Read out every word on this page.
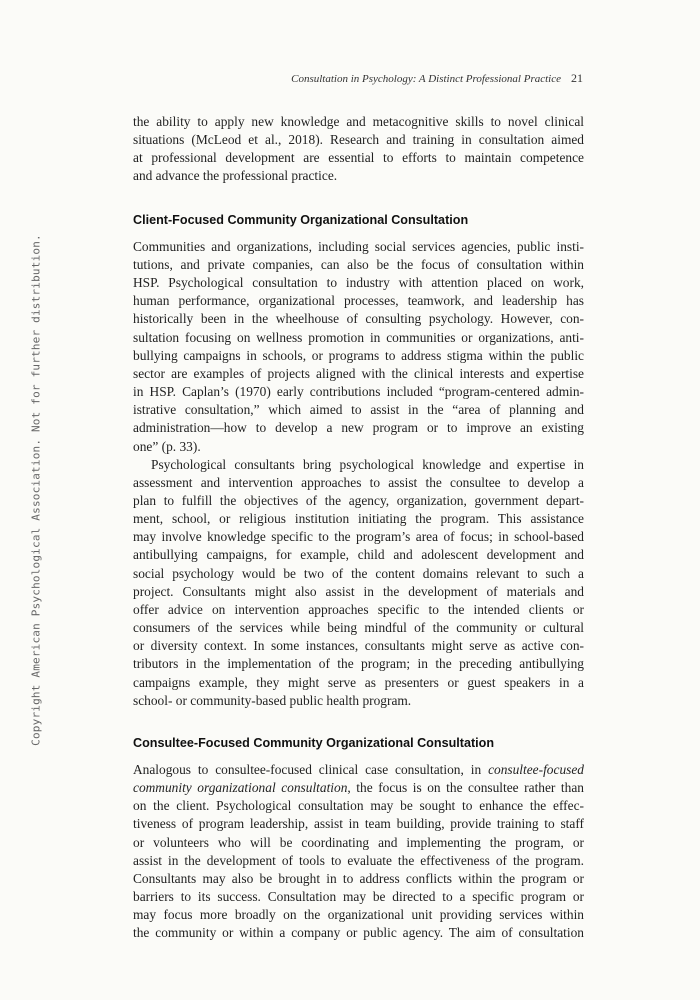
Consultation in Psychology: A Distinct Professional Practice 21
Copyright American Psychological Association. Not for further distribution.

the ability to apply new knowledge and metacognitive skills to novel clinical
situations (McLeod et al., 2018). Research and training in consultation aimed
at professional development are essential to efforts to maintain competence
and advance the professional practice.

Client-Focused Community Organizational Consultation

Communities and organizations, including social services agencies, public insti-
tutions, and private companies, can also be the focus of consultation within
HSP. Psychological consultation to industry with attention placed on work,
human performance, organizational processes, teamwork, and leadership has
historically been in the wheelhouse of consulting psychology. However, con-
sultation focusing on wellness promotion in communities or organizations, anti-
bullying campaigns in schools, or programs to address stigma within the public
sector are examples of projects aligned with the clinical interests and expertise
in HSP. Caplan’s (1970) early contributions included “program-centered admin-
istrative consultation,” which aimed to assist in the “area of planning and
administration—how to develop a new program or to improve an existing
one” (p. 33).

Psychological consultants bring psychological knowledge and expertise in
assessment and intervention approaches to assist the consultee to develop a
plan to fulfill the objectives of the agency, organization, government depart-
ment, school, or religious institution initiating the program. This assistance
may involve knowledge specific to the program’s area of focus; in school-based
antibullying campaigns, for example, child and adolescent development and
social psychology would be two of the content domains relevant to such a
project. Consultants might also assist in the development of materials and
offer advice on intervention approaches specific to the intended clients or
consumers of the services while being mindful of the community or cultural
or diversity context. In some instances, consultants might serve as active con-
tributors in the implementation of the program; in the preceding antibullying
campaigns example, they might serve as presenters or guest speakers in a
school- or community-based public health program.

Consultee-Focused Community Organizational Consultation

Analogous to consultee-focused clinical case consultation, in consultee-focused
community organizational consultation, the focus is on the consultee rather than
on the client. Psychological consultation may be sought to enhance the effec-
tiveness of program leadership, assist in team building, provide training to staff
or volunteers who will be coordinating and implementing the program, or
assist in the development of tools to evaluate the effectiveness of the program.
Consultants may also be brought in to address conflicts within the program or
barriers to its success. Consultation may be directed to a specific program or
may focus more broadly on the organizational unit providing services within
the community or within a company or public agency. The aim of consultation
